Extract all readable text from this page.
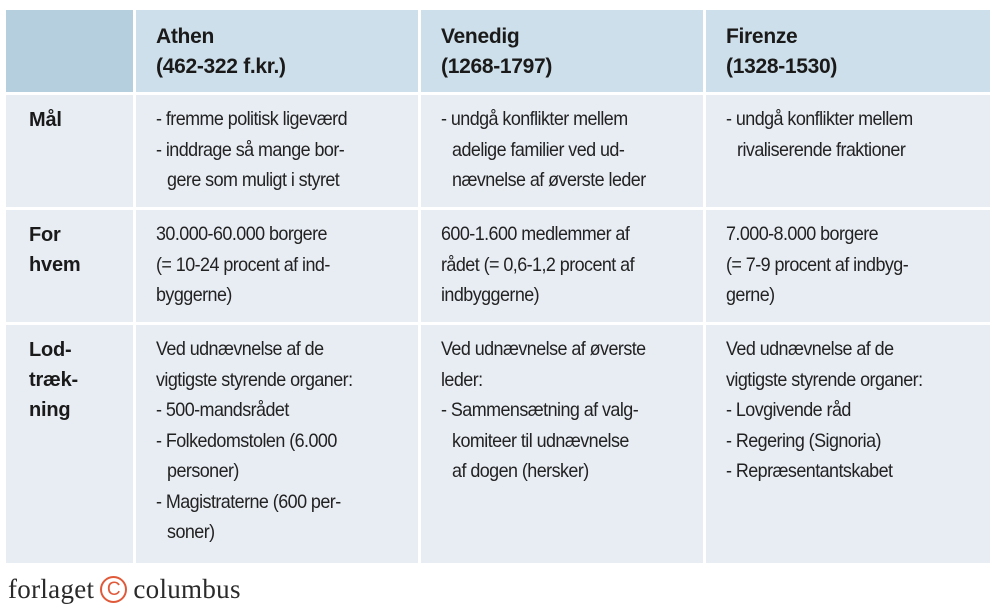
Athen
(462-322 f.kr.)
Venedig
(1268-1797)
Firenze
(1328-1530)
Mål	- fremme politisk ligeværd
- inddrage så mange bor-
gere som muligt i styret
- undgå konflikter mellem
adelige familier ved ud-
nævnelse af øverste leder
- undgå konflikter mellem
rivaliserende fraktioner
For
hvem
30.000-60.000 borgere
(= 10-24 procent af ind-
byggerne)
600-1.600 medlemmer af
rådet (= 0,6-1,2 procent af
indbyggerne)
7.000-8.000 borgere
(= 7-9 procent af indbyg-
gerne)
Lod-
træk-
ning
Ved udnævnelse af de
vigtigste styrende organer:
- 500-mandsrådet
- Folkedomstolen (6.000
personer)
- Magistraterne (600 per-
soner)
Ved udnævnelse af øverste
leder:
- Sammensætning af valg-
komiteer til udnævnelse
af dogen (hersker)
Ved udnævnelse af de
vigtigste styrende organer:
- Lovgivende råd
- Regering (Signoria)
- Repræsentantskabet
forlaget C columbus
